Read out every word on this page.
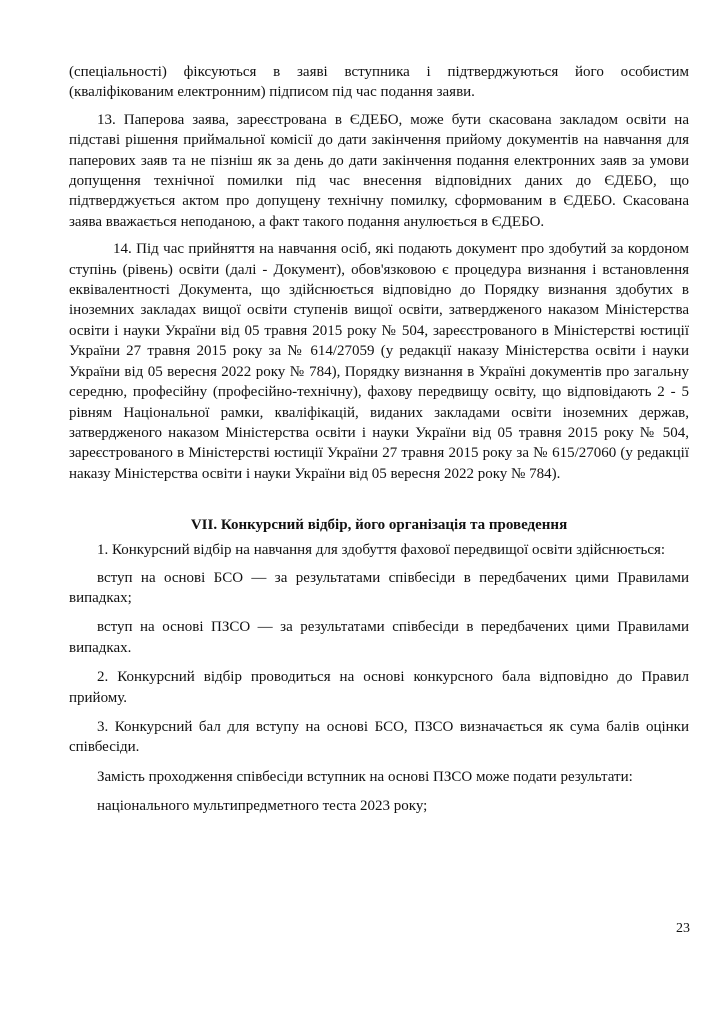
(спеціальності) фіксуються в заяві вступника і підтверджуються його особистим (кваліфікованим електронним) підписом під час подання заяви.

13. Паперова заява, зареєстрована в ЄДЕБО, може бути скасована закладом освіти на підставі рішення приймальної комісії до дати закінчення прийому документів на навчання для паперових заяв та не пізніш як за день до дати закінчення подання електронних заяв за умови допущення технічної помилки під час внесення відповідних даних до ЄДЕБО, що підтверджується актом про допущену технічну помилку, сформованим в ЄДЕБО. Скасована заява вважається неподаною, а факт такого подання анулюється в ЄДЕБО.

14. Під час прийняття на навчання осіб, які подають документ про здобутий за кордоном ступінь (рівень) освіти (далі - Документ), обов'язковою є процедура визнання і встановлення еквівалентності Документа, що здійснюється відповідно до Порядку визнання здобутих в іноземних закладах вищої освіти ступенів вищої освіти, затвердженого наказом Міністерства освіти і науки України від 05 травня 2015 року № 504, зареєстрованого в Міністерстві юстиції України 27 травня 2015 року за № 614/27059 (у редакції наказу Міністерства освіти і науки України від 05 вересня 2022 року № 784), Порядку визнання в Україні документів про загальну середню, професійну (професійно-технічну), фахову передвищу освіту, що відповідають 2 - 5 рівням Національної рамки, кваліфікацій, виданих закладами освіти іноземних держав, затвердженого наказом Міністерства освіти і науки України від 05 травня 2015 року № 504, зареєстрованого в Міністерстві юстиції України 27 травня 2015 року за № 615/27060 (у редакції наказу Міністерства освіти і науки України від 05 вересня 2022 року № 784).

VII. Конкурсний відбір, його організація та проведення

1. Конкурсний відбір на навчання для здобуття фахової передвищої освіти здійснюється:

вступ на основі БСО — за результатами співбесіди в передбачених цими Правилами випадках;

вступ на основі ПЗСО — за результатами співбесіди в передбачених цими Правилами випадках.

2. Конкурсний відбір проводиться на основі конкурсного бала відповідно до Правил прийому.

3. Конкурсний бал для вступу на основі БСО, ПЗСО визначається як сума балів оцінки співбесіди.

Замість проходження співбесіди вступник на основі ПЗСО може подати результати:

національного мультипредметного теста 2023 року;

23
